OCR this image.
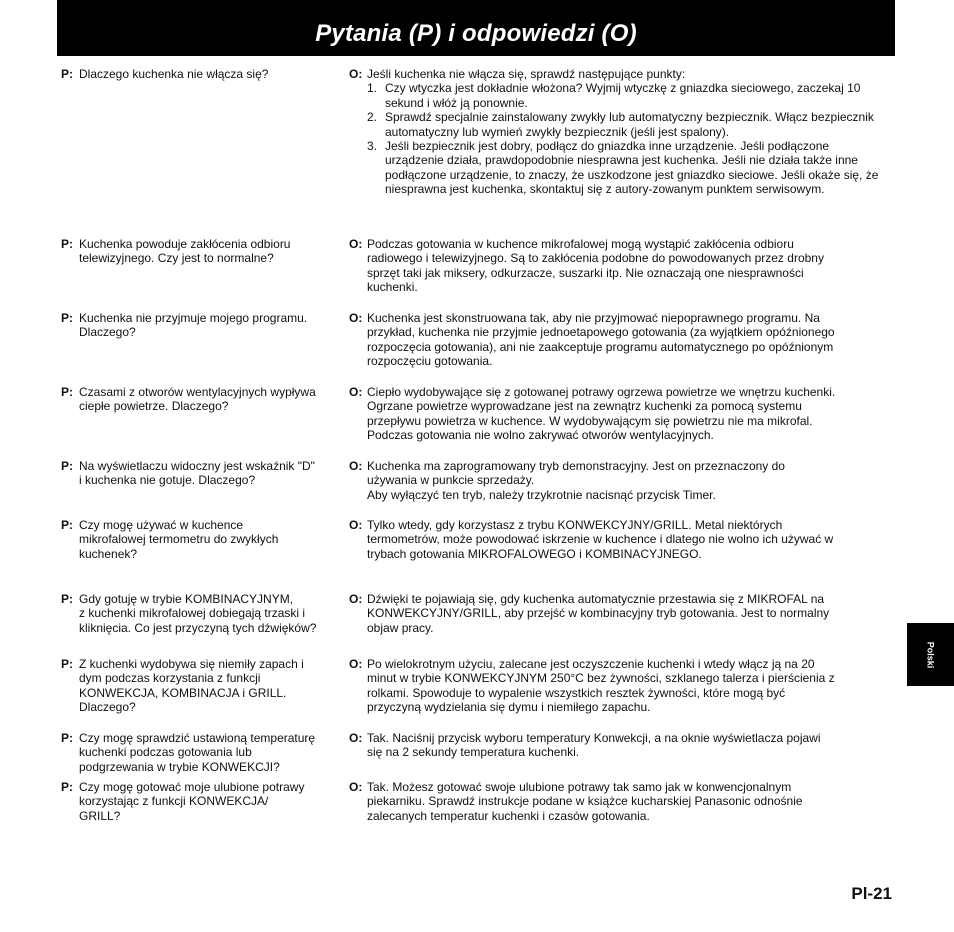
Pytania (P) i odpowiedzi (O)
P: Dlaczego kuchenka nie włącza się?	O: Jeśli kuchenka nie włącza się, sprawdź następujące punkty:
1. Czy wtyczka jest dokładnie włożona? Wyjmij wtyczkę z gniazdka sieciowego, zaczekaj 10 sekund i włóż ją ponownie.
2. Sprawdź specjalnie zainstalowany zwykły lub automatyczny bezpiecznik. Włącz bezpiecznik automatyczny lub wymień zwykły bezpiecznik (jeśli jest spalony).
3. Jeśli bezpiecznik jest dobry, podłącz do gniazdka inne urządzenie. Jeśli podłączone urządzenie działa, prawdopodobnie niesprawna jest kuchenka. Jeśli nie działa także inne podłączone urządzenie, to znaczy, że uszkodzone jest gniazdko sieciowe. Jeśli okaże się, że niesprawna jest kuchenka, skontaktuj się z autory-zowanym punktem serwisowym.
P: Kuchenka powoduje zakłócenia odbioru
telewizyjnego. Czy jest to normalne?
O: Podczas gotowania w kuchence mikrofalowej mogą wystąpić zakłócenia odbioru
radiowego i telewizyjnego. Są to zakłócenia podobne do powodowanych przez drobny
sprzęt taki jak miksery, odkurzacze, suszarki itp. Nie oznaczają one niesprawności
kuchenki.
P: Kuchenka nie przyjmuje mojego programu.
Dlaczego?
O: Kuchenka jest skonstruowana tak, aby nie przyjmować niepoprawnego programu. Na
przykład, kuchenka nie przyjmie jednoetapowego gotowania (za wyjątkiem opóźnionego
rozpoczęcia gotowania), ani nie zaakceptuje programu automatycznego po opóźnionym
rozpoczęciu gotowania.
P: Czasami z otworów wentylacyjnych wypływa
ciepłe powietrze. Dlaczego?
O: Ciepło wydobywające się z gotowanej potrawy ogrzewa powietrze we wnętrzu kuchenki.
Ogrzane powietrze wyprowadzane jest na zewnątrz kuchenki za pomocą systemu
przepływu powietrza w kuchence. W wydobywającym się powietrzu nie ma mikrofal.
Podczas gotowania nie wolno zakrywać otworów wentylacyjnych.
P: Na wyświetlaczu widoczny jest wskaźnik "D"
i kuchenka nie gotuje. Dlaczego?
O: Kuchenka ma zaprogramowany tryb demonstracyjny. Jest on przeznaczony do
używania w punkcie sprzedaży.
Aby wyłączyć ten tryb, należy trzykrotnie nacisnąć przycisk Timer.
P: Czy mogę używać w kuchence
mikrofalowej termometru do zwykłych
kuchenek?
O: Tylko wtedy, gdy korzystasz z trybu KONWEKCYJNY/GRILL. Metal niektórych
termometrów, może powodować iskrzenie w kuchence i dlatego nie wolno ich używać w
trybach gotowania MIKROFALOWEGO i KOMBINACYJNEGO.
P: Gdy gotuję w trybie KOMBINACYJNYM,
z kuchenki mikrofalowej dobiegają trzaski i
kliknięcia. Co jest przyczyną tych dźwięków?
O: Dźwięki te pojawiają się, gdy kuchenka automatycznie przestawia się z MIKROFAL na
KONWEKCYJNY/GRILL, aby przejść w kombinacyjny tryb gotowania. Jest to normalny
objaw pracy.
P: Z kuchenki wydobywa się niemiły zapach i
dym podczas korzystania z funkcji
KONWEKCJA, KOMBINACJA i GRILL.
Dlaczego?
O: Po wielokrotnym użyciu, zalecane jest oczyszczenie kuchenki i wtedy włącz ją na 20
minut w trybie KONWEKCYJNYM 250°C bez żywności, szklanego talerza i pierścienia z
rolkami. Spowoduje to wypalenie wszystkich resztek żywności, które mogą być
przyczyną wydzielania się dymu i niemiłego zapachu.
P: Czy mogę sprawdzić ustawioną temperaturę
kuchenki podczas gotowania lub
podgrzewania w trybie KONWEKCJI?
O: Tak. Naciśnij przycisk wyboru temperatury Konwekcji, a na oknie wyświetlacza pojawi
się na 2 sekundy temperatura kuchenki.
P: Czy mogę gotować moje ulubione potrawy
korzystając z funkcji KONWEKCJA/
GRILL?
O: Tak. Możesz gotować swoje ulubione potrawy tak samo jak w konwencjonalnym
piekarniku. Sprawdź instrukcje podane w książce kucharskiej Panasonic odnośnie
zalecanych temperatur kuchenki i czasów gotowania.
Polski
Pl-21
